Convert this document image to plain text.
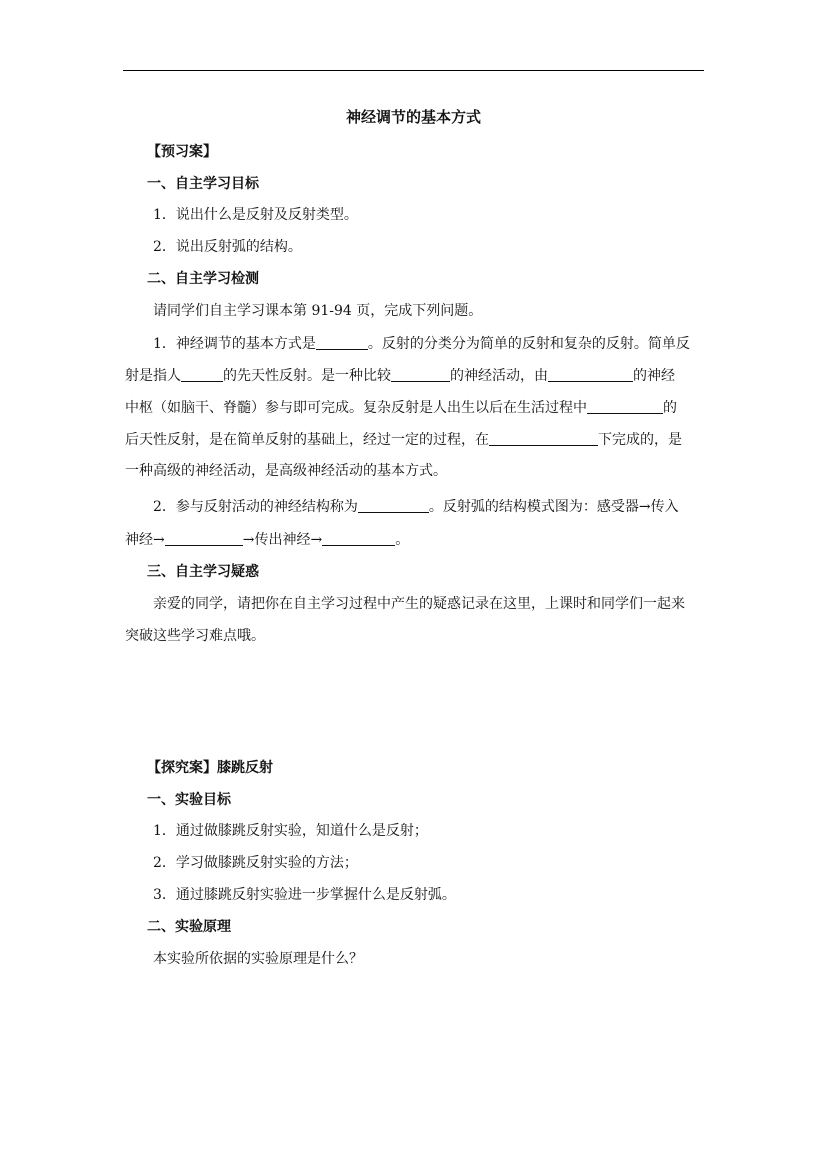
神经调节的基本方式
【预习案】
一、自主学习目标
1．说出什么是反射及反射类型。
2．说出反射弧的结构。
二、自主学习检测
请同学们自主学习课本第 91-94 页，完成下列问题。
1．神经调节的基本方式是	。反射的分类分为简单的反射和复杂的反射。简单反
射是指人	的先天性反射。是一种比较	的神经活动，由	的神经
中枢（如脑干、脊髓）参与即可完成。复杂反射是人出生以后在生活过程中	的
后天性反射，是在简单反射的基础上，经过一定的过程，在	下完成的，是
一种高级的神经活动，是高级神经活动的基本方式。
2．参与反射活动的神经结构称为	。反射弧的结构模式图为：感受器→传入
神经→	→传出神经→	。
三、自主学习疑惑
亲爱的同学，请把你在自主学习过程中产生的疑惑记录在这里，上课时和同学们一起来
突破这些学习难点哦。
【探究案】膝跳反射
一、实验目标
1．通过做膝跳反射实验，知道什么是反射；
2．学习做膝跳反射实验的方法；
3．通过膝跳反射实验进一步掌握什么是反射弧。
二、实验原理
本实验所依据的实验原理是什么？
